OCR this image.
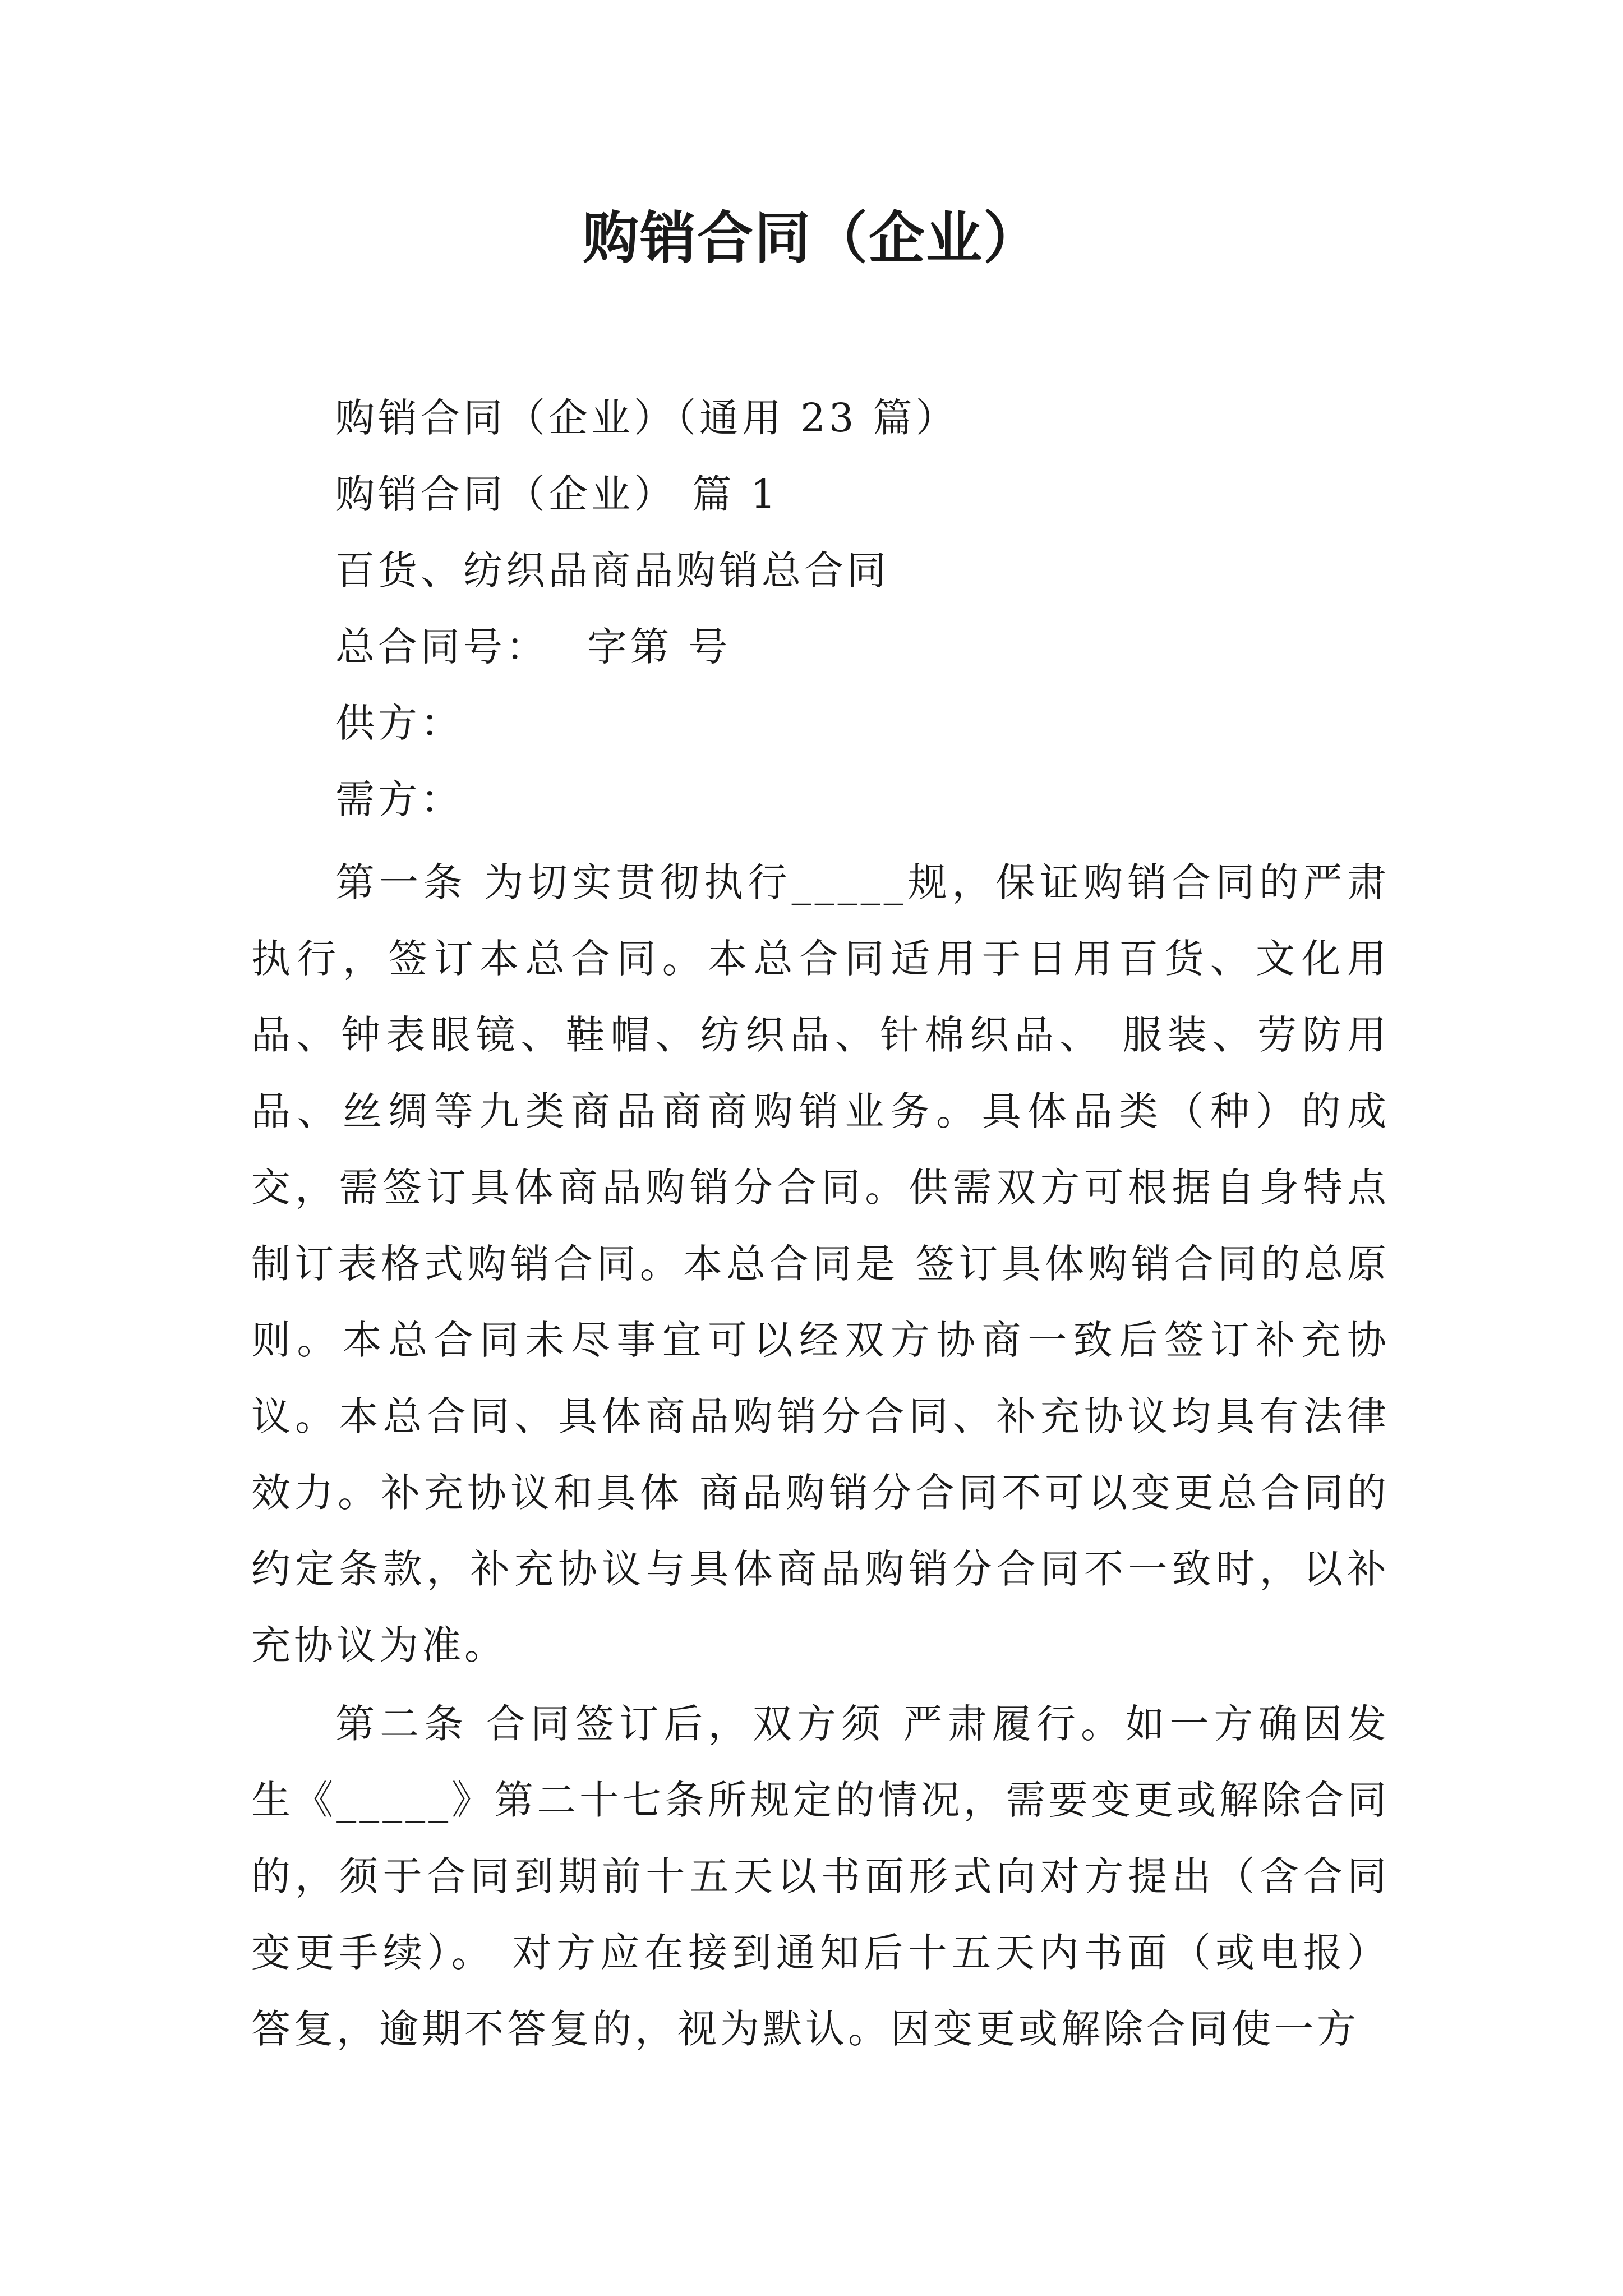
购销合同（企业）
购销合同（企业）（通用 23 篇）
购销合同（企业） 篇 1
百货、纺织品商品购销总合同
总合同号：　 字第 号
供方：
需方：
第一条 为切实贯彻执行_____规，保证购销合同的严肃执行，签订本总合同。本总合同适用于日用百货、文化用品、钟表眼镜、鞋帽、纺织品、针棉织品、 服装、劳防用品、丝绸等九类商品商商购销业务。具体品类（种）的成交，需签订具体商品购销分合同。供需双方可根据自身特点制订表格式购销合同。本总合同是 签订具体购销合同的总原则。本总合同未尽事宜可以经双方协商一致后签订补充协议。本总合同、具体商品购销分合同、补充协议均具有法律效力。补充协议和具体 商品购销分合同不可以变更总合同的约定条款，补充协议与具体商品购销分合同不一致时，以补充协议为准。
第二条 合同签订后，双方须 严肃履行。如一方确因发生《_____》第二十七条所规定的情况，需要变更或解除合同的，须于合同到期前十五天以书面形式向对方提出（含合同变更手续）。 对方应在接到通知后十五天内书面（或电报）答复，逾期不答复的，视为默认。因变更或解除合同使一方
